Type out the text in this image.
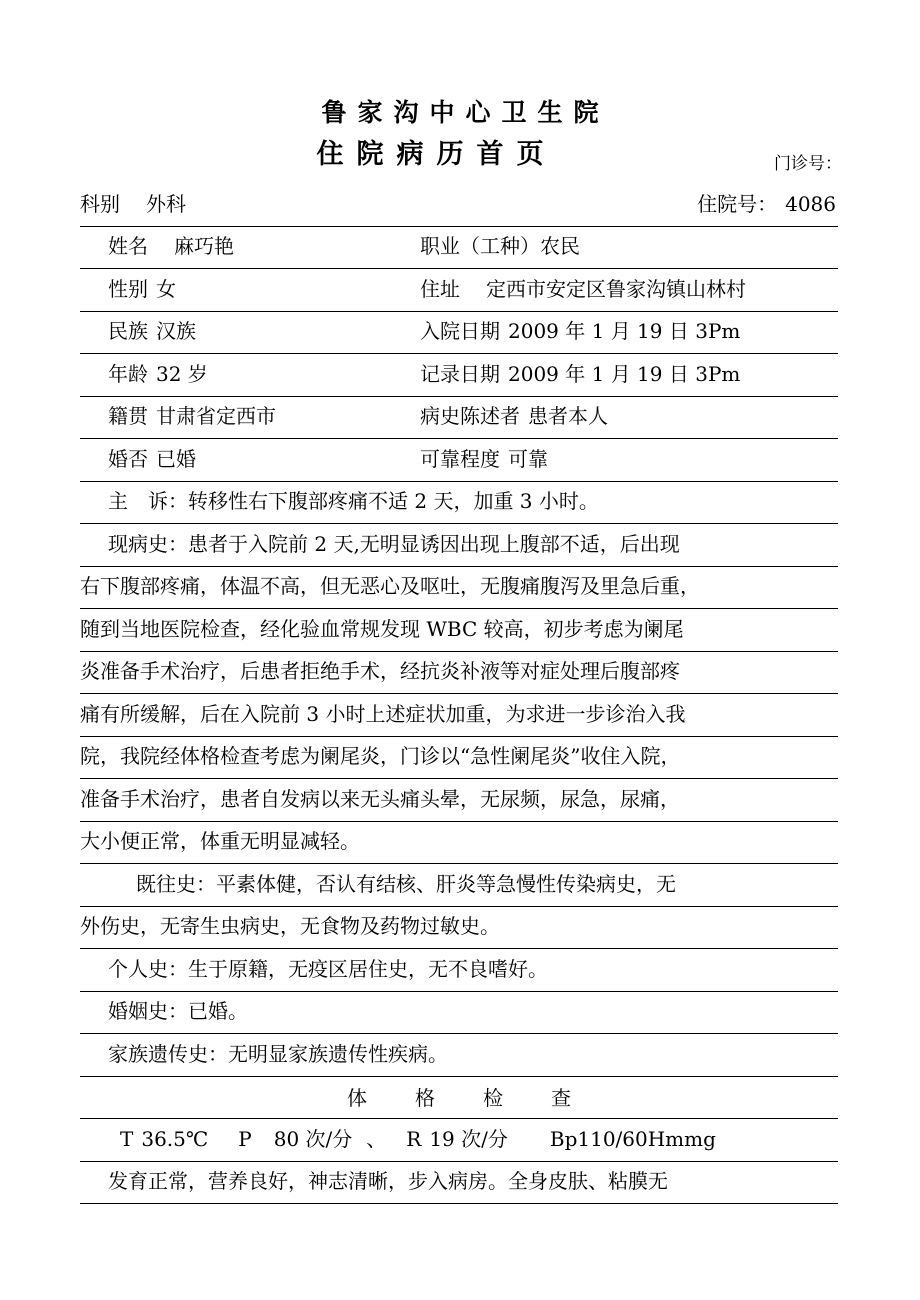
鲁家沟中心卫生院
住院病历首页	门诊号：
科别 外科	住院号： 4086
姓名 麻巧艳	职业（工种）农民
性别 女	住址 定西市安定区鲁家沟镇山林村
民族 汉族	入院日期 2009 年 1 月 19 日 3Pm
年龄 32 岁	记录日期 2009 年 1 月 19 日 3Pm
籍贯 甘肃省定西市	病史陈述者 患者本人
婚否 已婚	可靠程度 可靠
主　诉：转移性右下腹部疼痛不适 2 天，加重 3 小时。
现病史：患者于入院前 2 天,无明显诱因出现上腹部不适，后出现
右下腹部疼痛，体温不高，但无恶心及呕吐，无腹痛腹泻及里急后重，
随到当地医院检查，经化验血常规发现 WBC 较高，初步考虑为阑尾
炎准备手术治疗，后患者拒绝手术，经抗炎补液等对症处理后腹部疼
痛有所缓解，后在入院前 3 小时上述症状加重，为求进一步诊治入我
院，我院经体格检查考虑为阑尾炎，门诊以“急性阑尾炎”收住入院，
准备手术治疗，患者自发病以来无头痛头晕，无尿频，尿急，尿痛，
大小便正常，体重无明显减轻。
既往史：平素体健，否认有结核、肝炎等急慢性传染病史，无
外伤史，无寄生虫病史，无食物及药物过敏史。
个人史：生于原籍，无疫区居住史，无不良嗜好。
婚姻史：已婚。
家族遗传史：无明显家族遗传性疾病。
体　格　检　查
T 36.5℃ P 80 次/分 、 R 19 次/分 Bp110/60Hmmg
发育正常，营养良好，神志清晰，步入病房。全身皮肤、粘膜无
